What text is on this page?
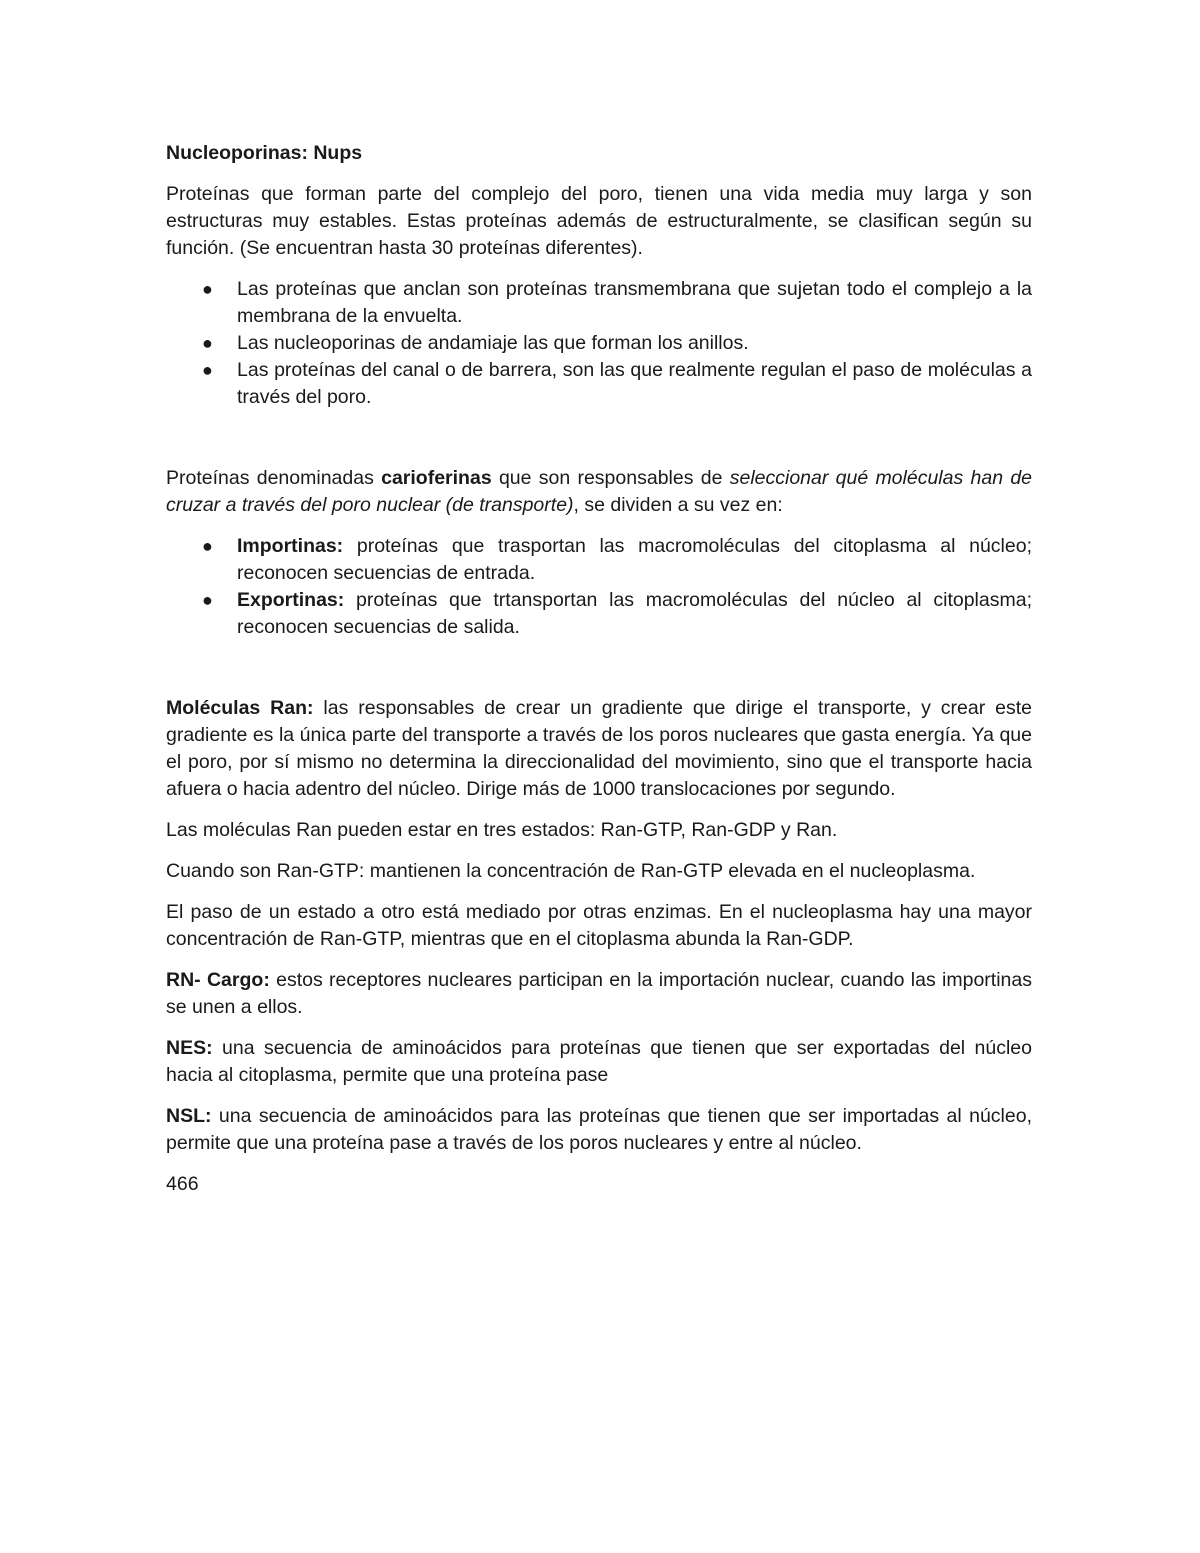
Nucleoporinas: Nups

Proteínas que forman parte del complejo del poro, tienen una vida media muy larga y son estructuras muy estables. Estas proteínas además de estructuralmente, se clasifican según su función. (Se encuentran hasta 30 proteínas diferentes).

● Las proteínas que anclan son proteínas transmembrana que sujetan todo el complejo a la membrana de la envuelta.
● Las nucleoporinas de andamiaje las que forman los anillos.
● Las proteínas del canal o de barrera, son las que realmente regulan el paso de moléculas a través del poro.

Proteínas denominadas carioferinas que son responsables de seleccionar qué moléculas han de cruzar a través del poro nuclear (de transporte), se dividen a su vez en:

● Importinas: proteínas que trasportan las macromoléculas del citoplasma al núcleo; reconocen secuencias de entrada.
● Exportinas: proteínas que trtansportan las macromoléculas del núcleo al citoplasma; reconocen secuencias de salida.

Moléculas Ran: las responsables de crear un gradiente que dirige el transporte, y crear este gradiente es la única parte del transporte a través de los poros nucleares que gasta energía. Ya que el poro, por sí mismo no determina la direccionalidad del movimiento, sino que el transporte hacia afuera o hacia adentro del núcleo. Dirige más de 1000 translocaciones por segundo.

Las moléculas Ran pueden estar en tres estados: Ran-GTP, Ran-GDP y Ran.

Cuando son Ran-GTP: mantienen la concentración de Ran-GTP elevada en el nucleoplasma.

El paso de un estado a otro está mediado por otras enzimas. En el nucleoplasma hay una mayor concentración de Ran-GTP, mientras que en el citoplasma abunda la Ran-GDP.

RN- Cargo: estos receptores nucleares participan en la importación nuclear, cuando las importinas se unen a ellos.

NES: una secuencia de aminoácidos para proteínas que tienen que ser exportadas del núcleo hacia al citoplasma, permite que una proteína pase

NSL: una secuencia de aminoácidos para las proteínas que tienen que ser importadas al núcleo, permite que una proteína pase a través de los poros nucleares y entre al núcleo.

466
